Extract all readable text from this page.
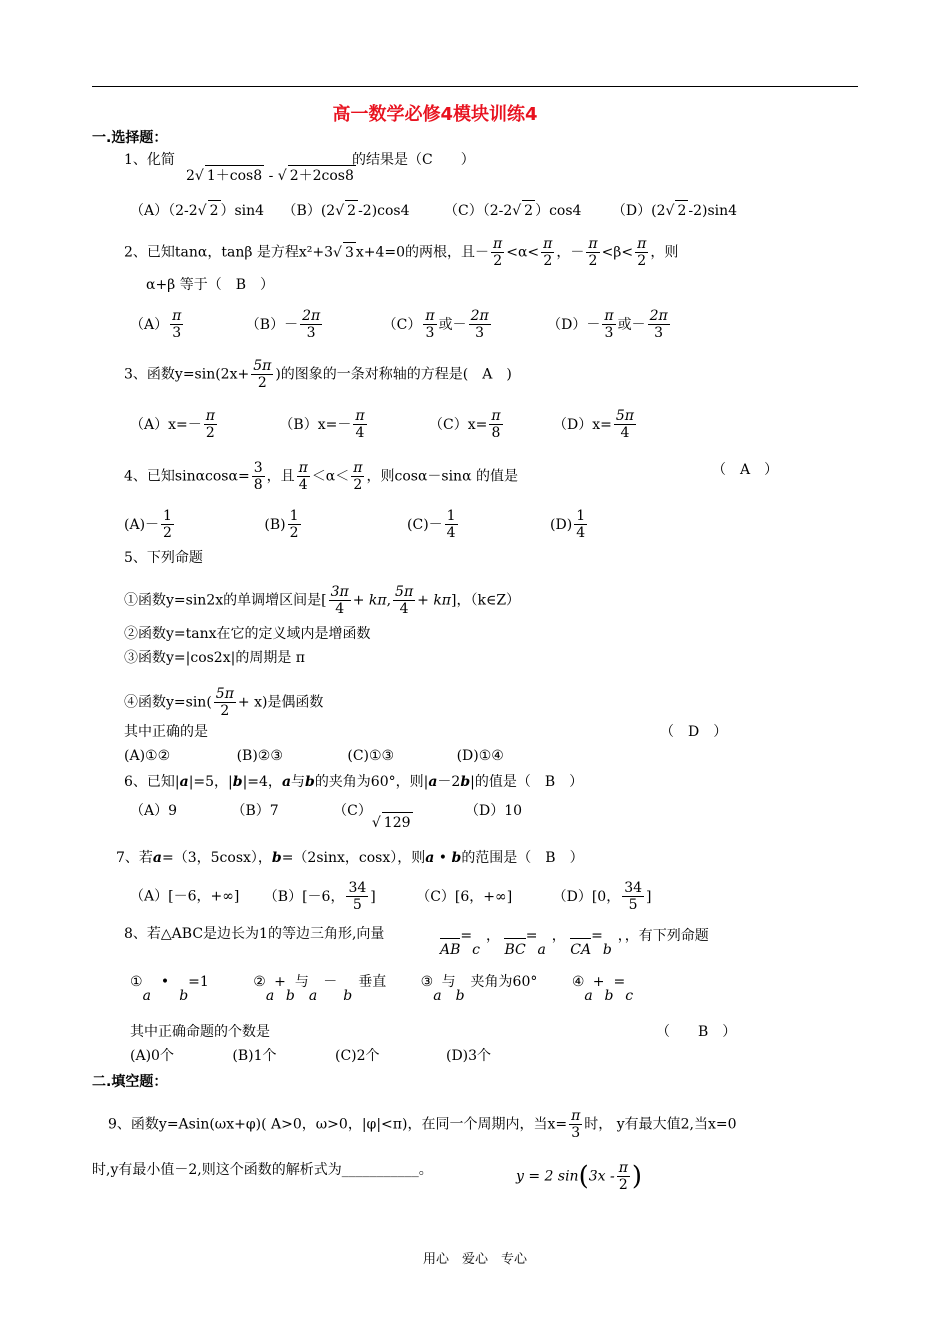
高一数学必修4模块训练4
一.选择题：
1、化简
2 √ 1＋cos8 - √ 2＋2cos8
的结果是（C　　）
（A）（2-2 √ 2 ）sin4 （B）(2 √ 2 -2)cos4 （C）（2-2 √ 2 ）cos4 （D）(2 √ 2 -2)sin4
2、已知tanα，tanβ 是方程x²+3 √ 3 x+4=0的两根，且－ $\frac{\pi}{2} <\alpha< \frac{\pi}{2}$ ，－ $\frac{\pi}{2} <\beta< \frac{\pi}{2}$ ，则
α+β 等于（　B　）
$(A) \frac{\pi}{3}$	$(B)- \frac{2\pi}{3}$	$(C) \frac{\pi}{3}$ 或－ $\frac{2\pi}{3}$	$(D)- \frac{\pi}{3}$ 或－ $\frac{2\pi}{3}$
3、函数$y=\sin(2x+ \frac{5\pi}{2}$ )的图象的一条对称轴的方程是(　A　)
$(A)x=- \frac{\pi}{2}$	$(B)x=- \frac{\pi}{4}$	$(C)x= \frac{\pi}{8}$	$(D)x= \frac{5\pi}{4}$
4、已知$\sin\alpha\cos\alpha= \frac{3}{8}$ ，且 $\frac{\pi}{4} <\alpha< \frac{\pi}{2}$ ，则cosα－sinα 的值是	（　A　）
$(A)- \frac{1}{2}$	$(B) \frac{1}{2}$	$(C)- \frac{1}{4}$	$(D) \frac{1}{4}$
5、下列命题
①函数y=sin2x的单调增区间是[ $\frac{3\pi}{4} + k\pi$, $\frac{5\pi}{4} + k\pi$]，（k∈Z）
②函数y=tanx在它的定义域内是增函数
③函数y=|cos2x|的周期是 π
④函数$y=\sin( \frac{5\pi}{2} + x)$是偶函数
其中正确的是	（　D　）
(A)①②	(B)②③	(C)①③	(D)①④
6、已知|a|=5，|b|=4，a与b的夹角为60°，则|a－2b|的值是（　B　）
（A）9	（B）7	（C）√ 129 （D）10
7、若a=（3，5cosx），b=（2sinx，cosx），则a • b的范围是（　B　）
（A）[－6，+∞] （B）[－6， $\frac{34}{5}$ ]	（C）[6，+∞]	（D）[0， $\frac{34}{5}$ ]
8、若△ABC是边长为1的等边三角形,向量
AB=c， BC=a， CA=b，，有下列命题
①a•b=1	②a+b与a－b垂直 ③a与b夹角为60° ④a+b=c
其中正确命题的个数是	（　　B　）
(A)0个	(B)1个	(C)2个	(D)3个
二.填空题：
9、函数y=Asin(ωx+φ)( A>0，ω>0，|φ|<π)，在同一个周期内，当$x= \frac{\pi}{3}$ 时， y有最大值2,当x=0
时,y有最小值－2,则这个函数的解析式为___________。	y = 2 $\sin(3x - \frac{\pi}{2}$ )
用心　爱心　专心
